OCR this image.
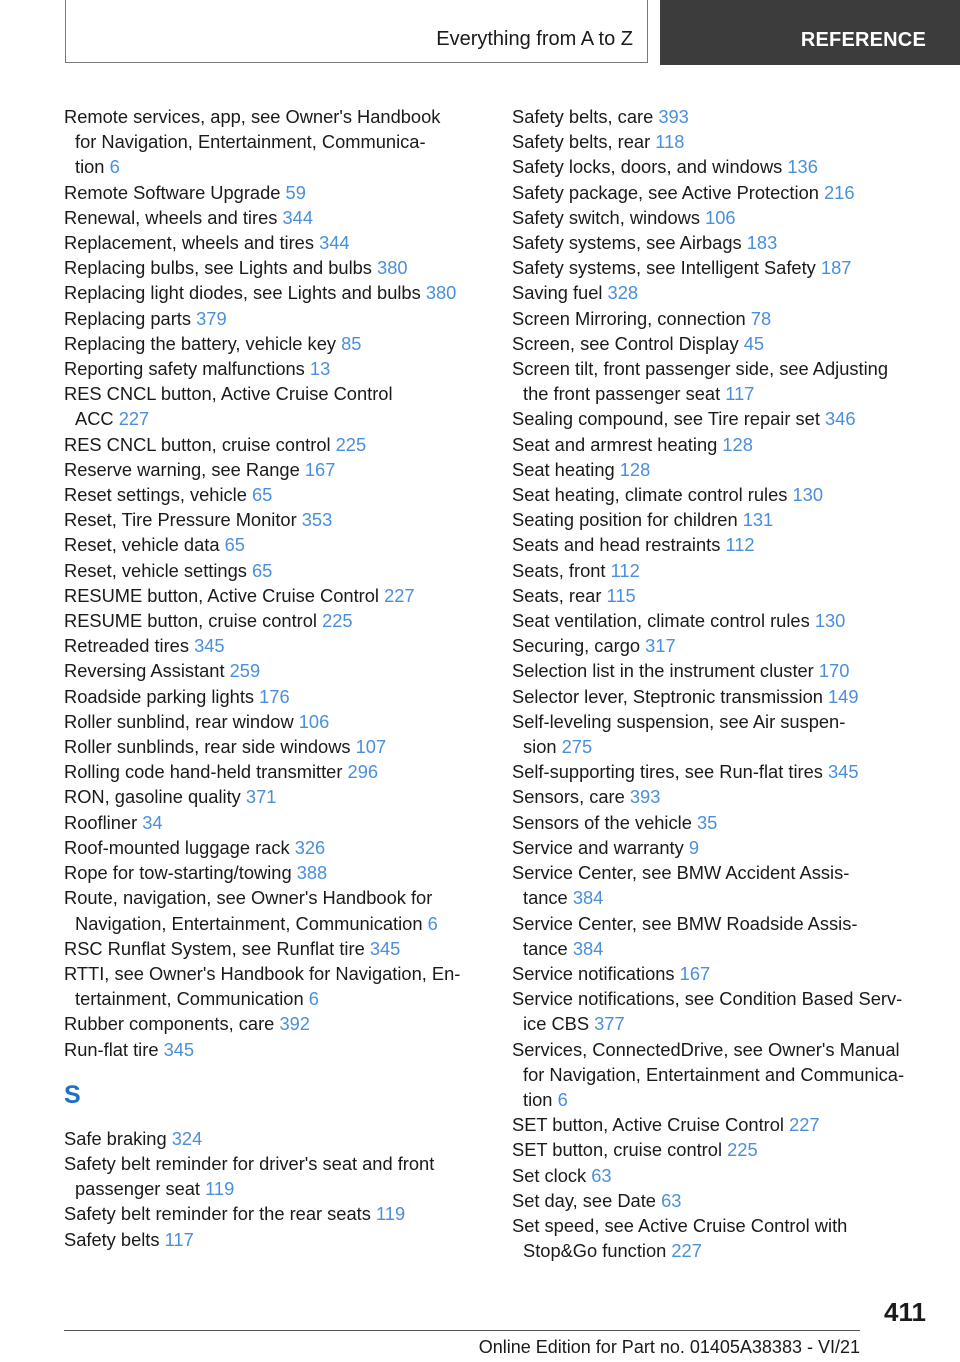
Everything from A to Z	REFERENCE
Remote services, app, see Owner's Handbook
for Navigation, Entertainment, Communica-
tion 6
Remote Software Upgrade 59
Renewal, wheels and tires 344
Replacement, wheels and tires 344
Replacing bulbs, see Lights and bulbs 380
Replacing light diodes, see Lights and bulbs 380
Replacing parts 379
Replacing the battery, vehicle key 85
Reporting safety malfunctions 13
RES CNCL button, Active Cruise Control
ACC 227
RES CNCL button, cruise control 225
Reserve warning, see Range 167
Reset settings, vehicle 65
Reset, Tire Pressure Monitor 353
Reset, vehicle data 65
Reset, vehicle settings 65
RESUME button, Active Cruise Control 227
RESUME button, cruise control 225
Retreaded tires 345
Reversing Assistant 259
Roadside parking lights 176
Roller sunblind, rear window 106
Roller sunblinds, rear side windows 107
Rolling code hand-held transmitter 296
RON, gasoline quality 371
Roofliner 34
Roof-mounted luggage rack 326
Rope for tow-starting/towing 388
Route, navigation, see Owner's Handbook for
Navigation, Entertainment, Communication 6
RSC Runflat System, see Runflat tire 345
RTTI, see Owner's Handbook for Navigation, En-
tertainment, Communication 6
Rubber components, care 392
Run-flat tire 345
S
Safe braking 324
Safety belt reminder for driver's seat and front
passenger seat 119
Safety belt reminder for the rear seats 119
Safety belts 117
Safety belts, care 393
Safety belts, rear 118
Safety locks, doors, and windows 136
Safety package, see Active Protection 216
Safety switch, windows 106
Safety systems, see Airbags 183
Safety systems, see Intelligent Safety 187
Saving fuel 328
Screen Mirroring, connection 78
Screen, see Control Display 45
Screen tilt, front passenger side, see Adjusting
the front passenger seat 117
Sealing compound, see Tire repair set 346
Seat and armrest heating 128
Seat heating 128
Seat heating, climate control rules 130
Seating position for children 131
Seats and head restraints 112
Seats, front 112
Seats, rear 115
Seat ventilation, climate control rules 130
Securing, cargo 317
Selection list in the instrument cluster 170
Selector lever, Steptronic transmission 149
Self-leveling suspension, see Air suspen-
sion 275
Self-supporting tires, see Run-flat tires 345
Sensors, care 393
Sensors of the vehicle 35
Service and warranty 9
Service Center, see BMW Accident Assis-
tance 384
Service Center, see BMW Roadside Assis-
tance 384
Service notifications 167
Service notifications, see Condition Based Serv-
ice CBS 377
Services, ConnectedDrive, see Owner's Manual
for Navigation, Entertainment and Communica-
tion 6
SET button, Active Cruise Control 227
SET button, cruise control 225
Set clock 63
Set day, see Date 63
Set speed, see Active Cruise Control with
Stop&Go function 227
411
Online Edition for Part no. 01405A38383 - VI/21
